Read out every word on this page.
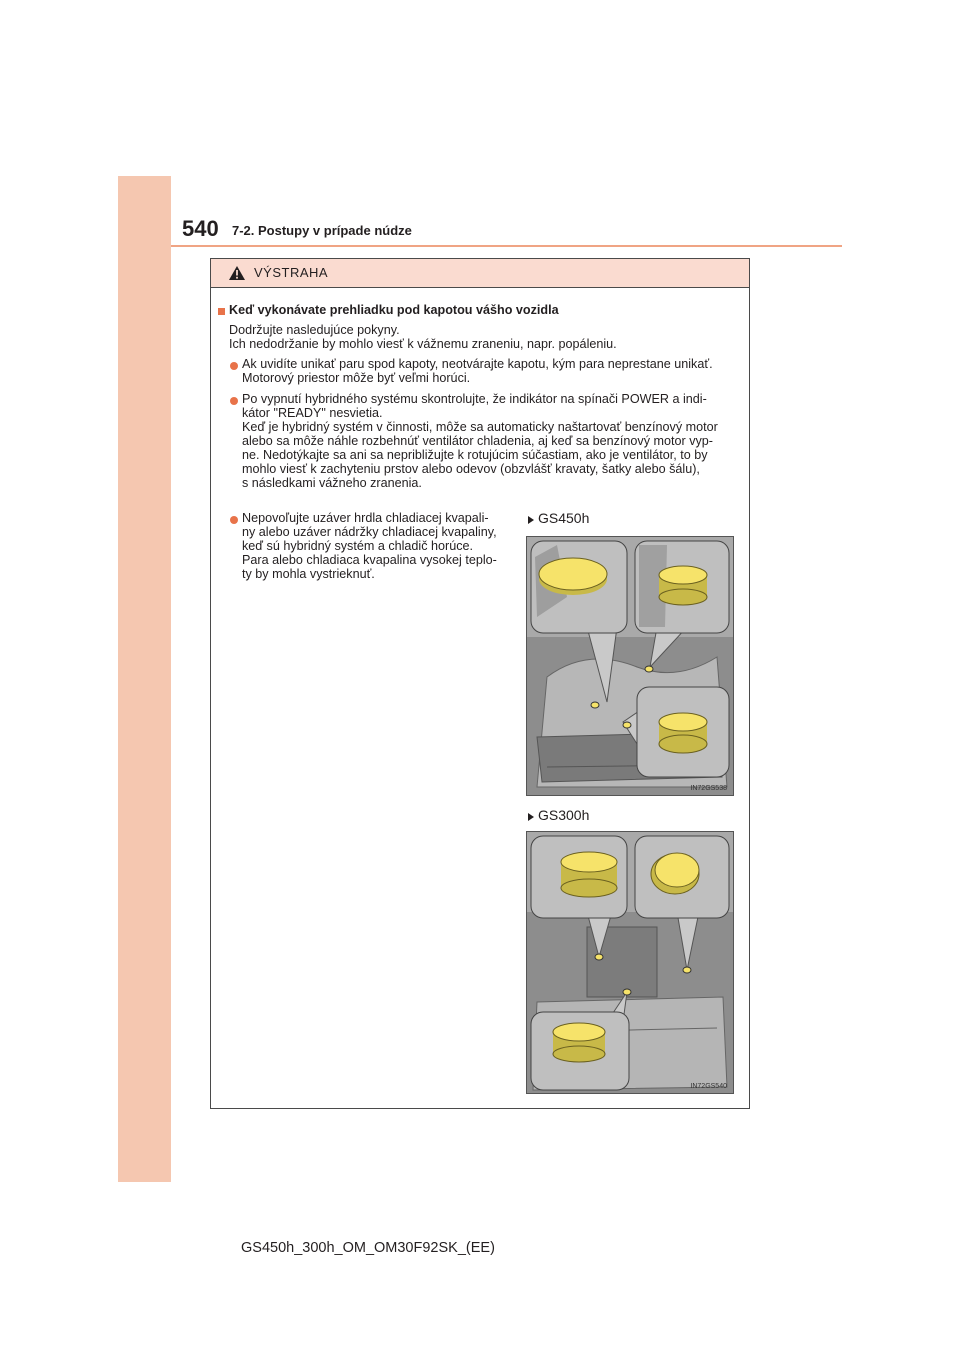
540 7-2. Postupy v prípade núdze
VÝSTRAHA
Keď vykonávate prehliadku pod kapotou vášho vozidla
Dodržujte nasledujúce pokyny.
Ich nedodržanie by mohlo viesť k vážnemu zraneniu, napr. popáleniu.
Ak uvidíte unikať paru spod kapoty, neotvárajte kapotu, kým para neprestane unikať.
Motorový priestor môže byť veľmi horúci.
Po vypnutí hybridného systému skontrolujte, že indikátor na spínači POWER a indi-
kátor "READY" nesvietia.
Keď je hybridný systém v činnosti, môže sa automaticky naštartovať benzínový motor
alebo sa môže náhle rozbehnúť ventilátor chladenia, aj keď sa benzínový motor vyp-
ne. Nedotýkajte sa ani sa nepribližujte k rotujúcim súčastiam, ako je ventilátor, to by
mohlo viesť k zachyteniu prstov alebo odevov (obzvlášť kravaty, šatky alebo šálu),
s následkami vážneho zranenia.
Nepovoľujte uzáver hrdla chladiacej kvapali-
ny alebo uzáver nádržky chladiacej kvapaliny,
keď sú hybridný systém a chladič horúce.
Para alebo chladiaca kvapalina vysokej teplo-
ty by mohla vystrieknuť.
GS450h
IN72GS538
GS300h
IN72GS540
GS450h_300h_OM_OM30F92SK_(EE)
